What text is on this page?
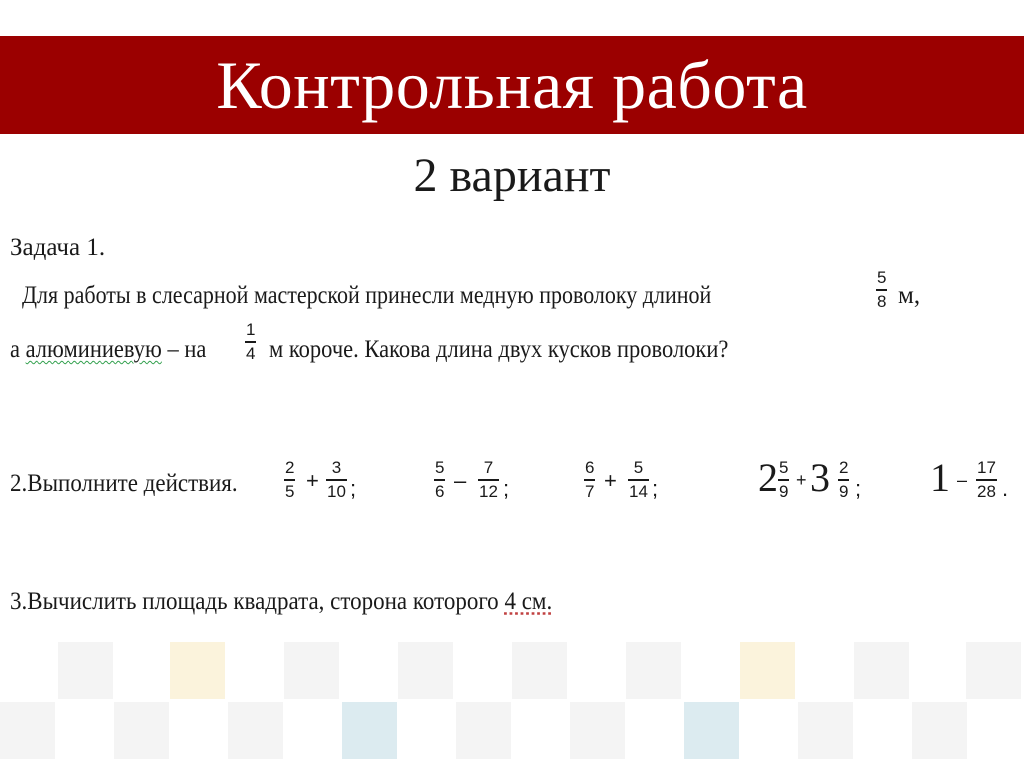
Контрольная работа
2 вариант
Задача 1.
Для работы в слесарной мастерской принесли медную проволоку длиной
5
8 м,
а алюминиевую – на
1
4 м короче. Какова длина двух кусков проволоки?
2.Выполните действия.
2
5 +
3
10 ;
5
6 –
7
12 ;
6
7 +
5
14 ; 2 5
9
+ 3 2
9 ; 1 –
17
28 .
3.Вычислить площадь квадрата, сторона которого 4 см.
